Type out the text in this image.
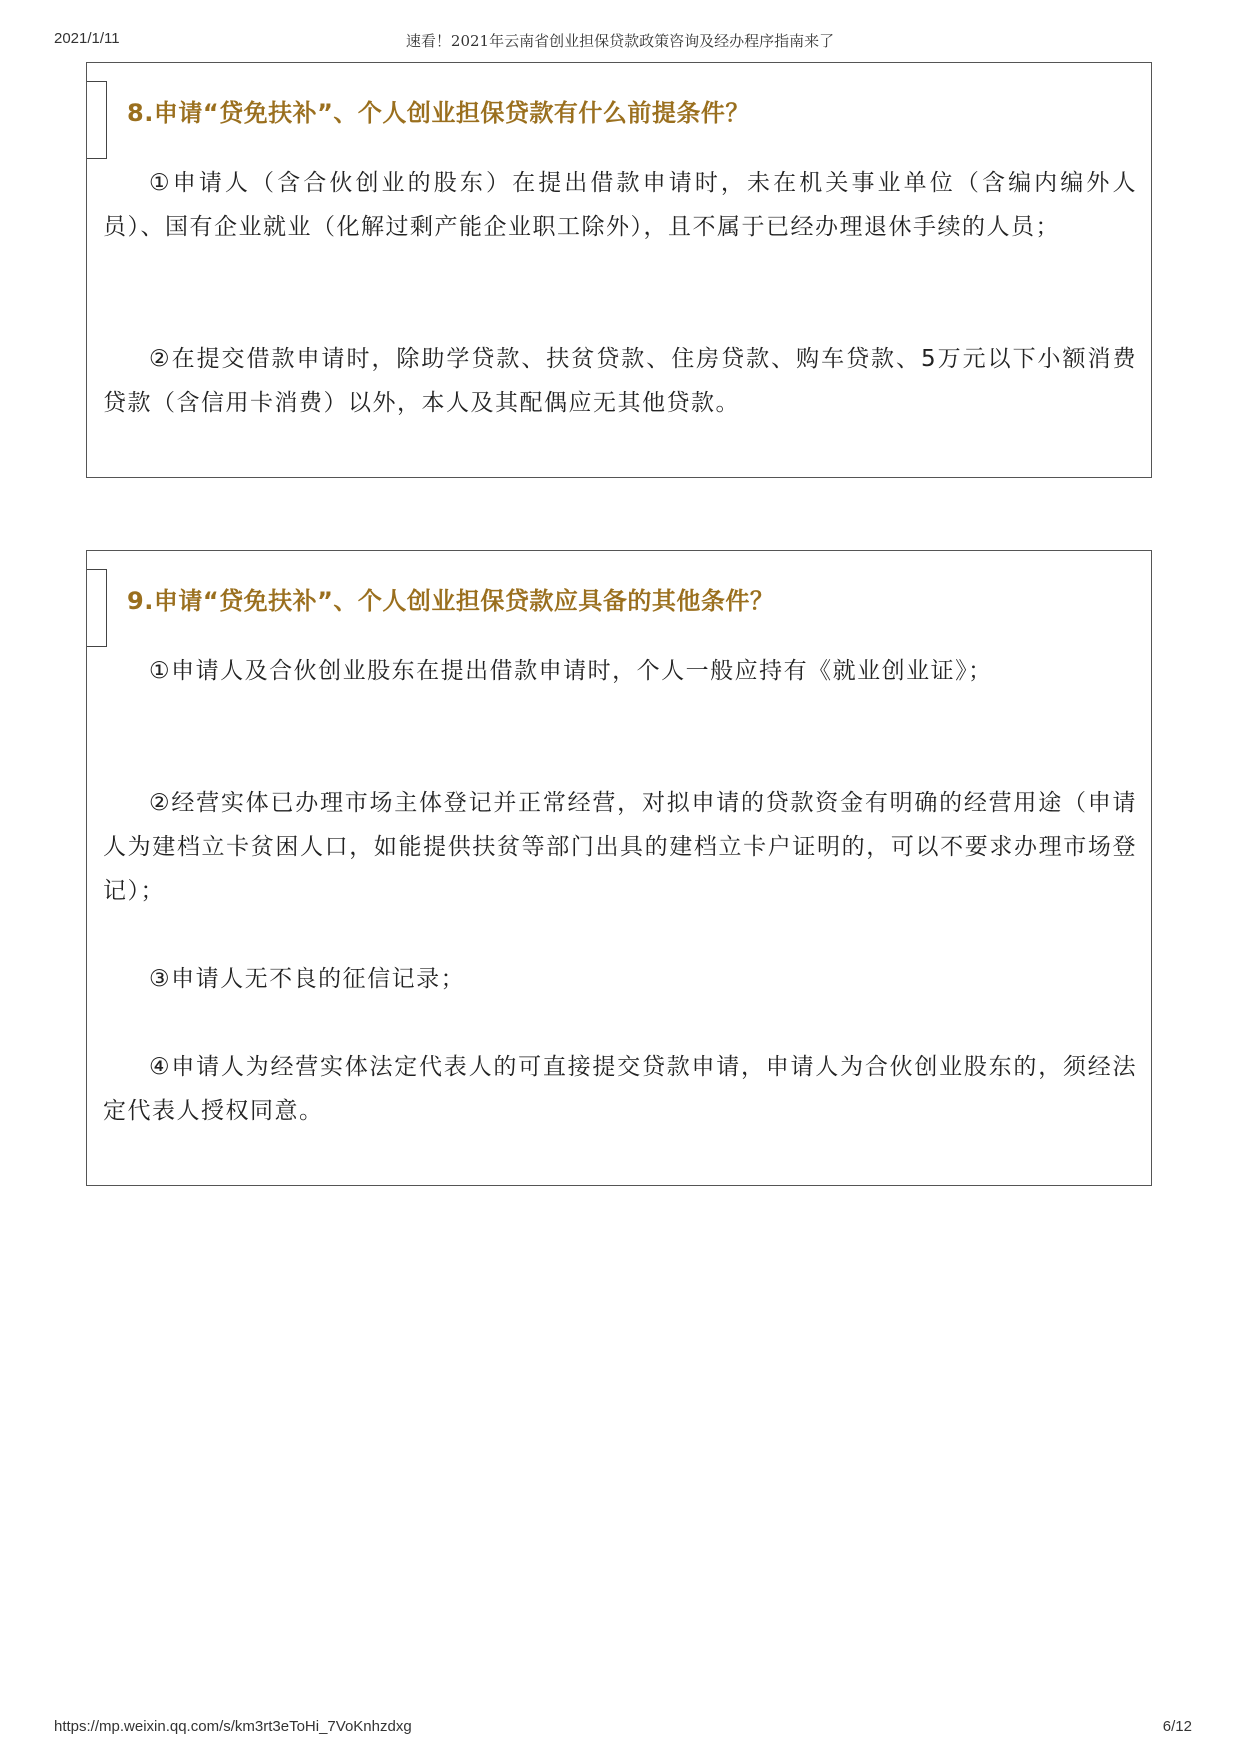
2021/1/11	速看！2021年云南省创业担保贷款政策咨询及经办程序指南来了
8.申请“贷免扶补”、个人创业担保贷款有什么前提条件？

①申请人（含合伙创业的股东）在提出借款申请时，未在机关事业单位（含编内编外人员）、国有企业就业（化解过剩产能企业职工除外），且不属于已经办理退休手续的人员；

②在提交借款申请时，除助学贷款、扶贫贷款、住房贷款、购车贷款、5万元以下小额消费贷款（含信用卡消费）以外，本人及其配偶应无其他贷款。

9.申请“贷免扶补”、个人创业担保贷款应具备的其他条件？

①申请人及合伙创业股东在提出借款申请时，个人一般应持有《就业创业证》；

②经营实体已办理市场主体登记并正常经营，对拟申请的贷款资金有明确的经营用途（申请人为建档立卡贫困人口，如能提供扶贫等部门出具的建档立卡户证明的，可以不要求办理市场登记）；

③申请人无不良的征信记录；

④申请人为经营实体法定代表人的可直接提交贷款申请，申请人为合伙创业股东的，须经法定代表人授权同意。

https://mp.weixin.qq.com/s/km3rt3eToHi_7VoKnhzdxg	6/12
